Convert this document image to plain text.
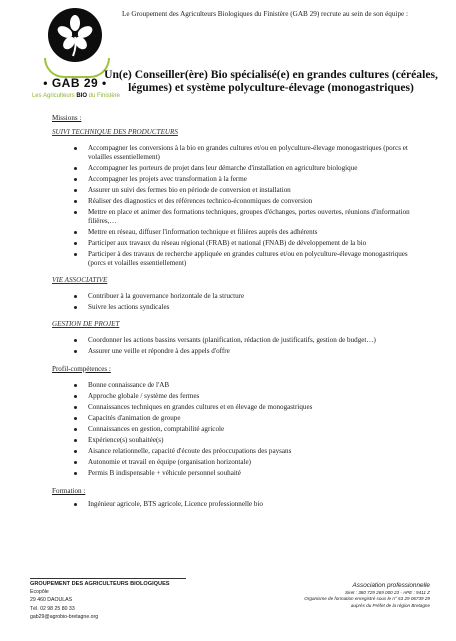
• GAB 29 •
Les Agriculteurs BIO du Finistère
Le Groupement des Agriculteurs Biologiques du Finistère (GAB 29) recrute au sein de son équipe :
Un(e) Conseiller(ère) Bio spécialisé(e) en grandes cultures (céréales, légumes) et système polyculture-élevage (monogastriques)
Missions :
SUIVI TECHNIQUE DES PRODUCTEURS
Accompagner les conversions à la bio en grandes cultures et/ou en polyculture-élevage monogastriques (porcs et volailles essentiellement)
Accompagner les porteurs de projet dans leur démarche d'installation en agriculture biologique
Accompagner les projets avec transformation à la ferme
Assurer un suivi des fermes bio en période de conversion et installation
Réaliser des diagnostics et des références technico-économiques de conversion
Mettre en place et animer des formations techniques, groupes d'échanges, portes ouvertes, réunions d'information filières,…
Mettre en réseau, diffuser l'information technique et filières auprès des adhérents
Participer aux travaux du réseau régional (FRAB) et national (FNAB) de développement de la bio
Participer à des travaux de recherche appliquée en grandes cultures et/ou en polyculture-élevage monogastriques (porcs et volailles essentiellement)
VIE ASSOCIATIVE
Contribuer à la gouvernance horizontale de la structure
Suivre les actions syndicales
GESTION DE PROJET
Coordonner les actions bassins versants (planification, rédaction de justificatifs, gestion de budget…)
Assurer une veille et répondre à des appels d'offre
Profil-compétences :
Bonne connaissance de l'AB
Approche globale / système des fermes
Connaissances techniques en grandes cultures et en élevage de monogastriques
Capacités d'animation de groupe
Connaissances en gestion, comptabilité agricole
Expérience(s) souhaitée(s)
Aisance relationnelle, capacité d'écoute des préoccupations des paysans
Autonomie et travail en équipe (organisation horizontale)
Permis B indispensable + véhicule personnel souhaité
Formation :
Ingénieur agricole, BTS agricole, Licence professionnelle bio
GROUPEMENT DES AGRICULTEURS BIOLOGIQUES
Ecopôle
29 460 DAOULAS
Tél. 02 98 25 80 33
gab29@agrobio-bretagne.org
Association professionnelle
Siret : 380 729 269 000 23 - APE : 9411 Z
Organisme de formation enregistré sous le n° 53 29 06739 29
auprès du Préfet de la région Bretagne
